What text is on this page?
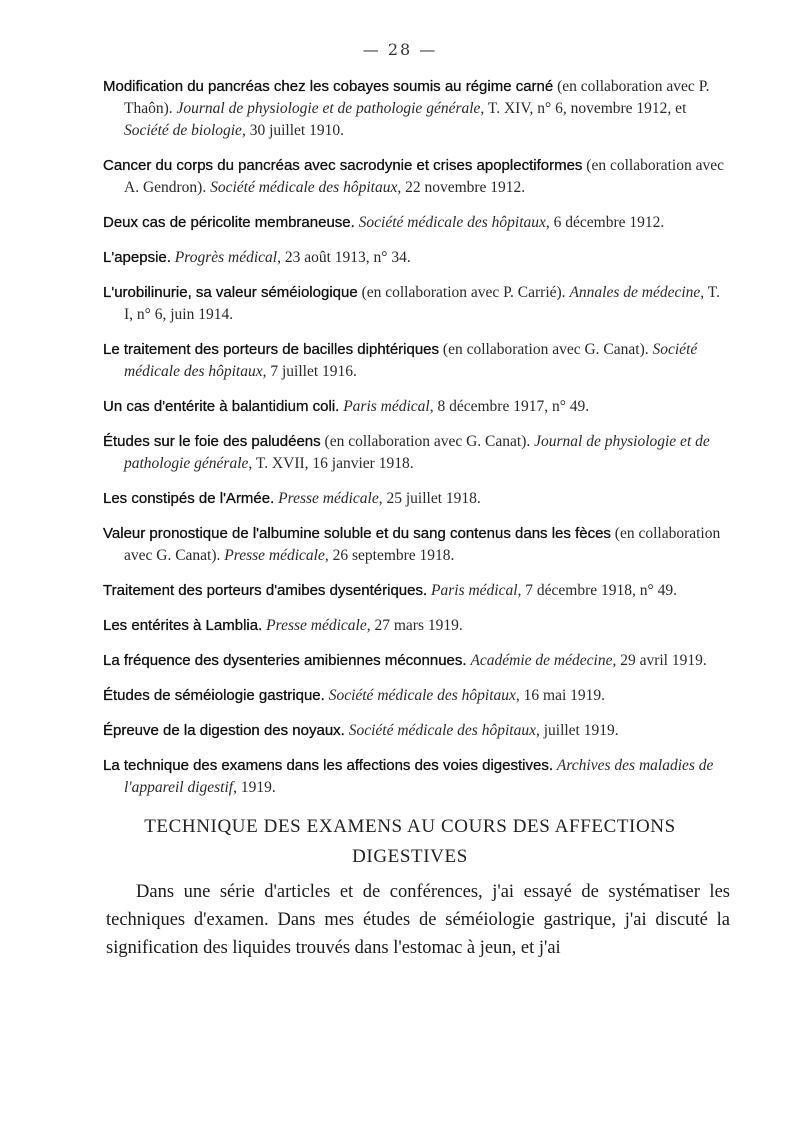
— 28 —

Modification du pancréas chez les cobayes soumis au régime carné (en collaboration avec P. Thaôn). Journal de physiologie et de pathologie générale, T. XIV, n° 6, novembre 1912, et Société de biologie, 30 juillet 1910.

Cancer du corps du pancréas avec sacrodynie et crises apoplectiformes (en collaboration avec A. Gendron). Société médicale des hôpitaux, 22 novembre 1912.

Deux cas de péricolite membraneuse. Société médicale des hôpitaux, 6 décembre 1912.

L'apepsie. Progrès médical, 23 août 1913, n° 34.

L'urobilinurie, sa valeur séméiologique (en collaboration avec P. Carrié). Annales de médecine, T. I, n° 6, juin 1914.

Le traitement des porteurs de bacilles diphtériques (en collaboration avec G. Canat). Société médicale des hôpitaux, 7 juillet 1916.

Un cas d'entérite à balantidium coli. Paris médical, 8 décembre 1917, n° 49.

Études sur le foie des paludéens (en collaboration avec G. Canat). Journal de physiologie et de pathologie générale, T. XVII, 16 janvier 1918.

Les constipés de l'Armée. Presse médicale, 25 juillet 1918.

Valeur pronostique de l'albumine soluble et du sang contenus dans les fèces (en collaboration avec G. Canat). Presse médicale, 26 septembre 1918.

Traitement des porteurs d'amibes dysentériques. Paris médical, 7 décembre 1918, n° 49.

Les entérites à Lamblia. Presse médicale, 27 mars 1919.

La fréquence des dysenteries amibiennes méconnues. Académie de médecine, 29 avril 1919.

Études de séméiologie gastrique. Société médicale des hôpitaux, 16 mai 1919.

Épreuve de la digestion des noyaux. Société médicale des hôpitaux, juillet 1919.

La technique des examens dans les affections des voies digestives. Archives des maladies de l'appareil digestif, 1919.

TECHNIQUE DES EXAMENS AU COURS DES AFFECTIONS DIGESTIVES

Dans une série d'articles et de conférences, j'ai essayé de systématiser les techniques d'examen. Dans mes études de séméiologie gastrique, j'ai discuté la signification des liquides trouvés dans l'estomac à jeun, et j'ai
